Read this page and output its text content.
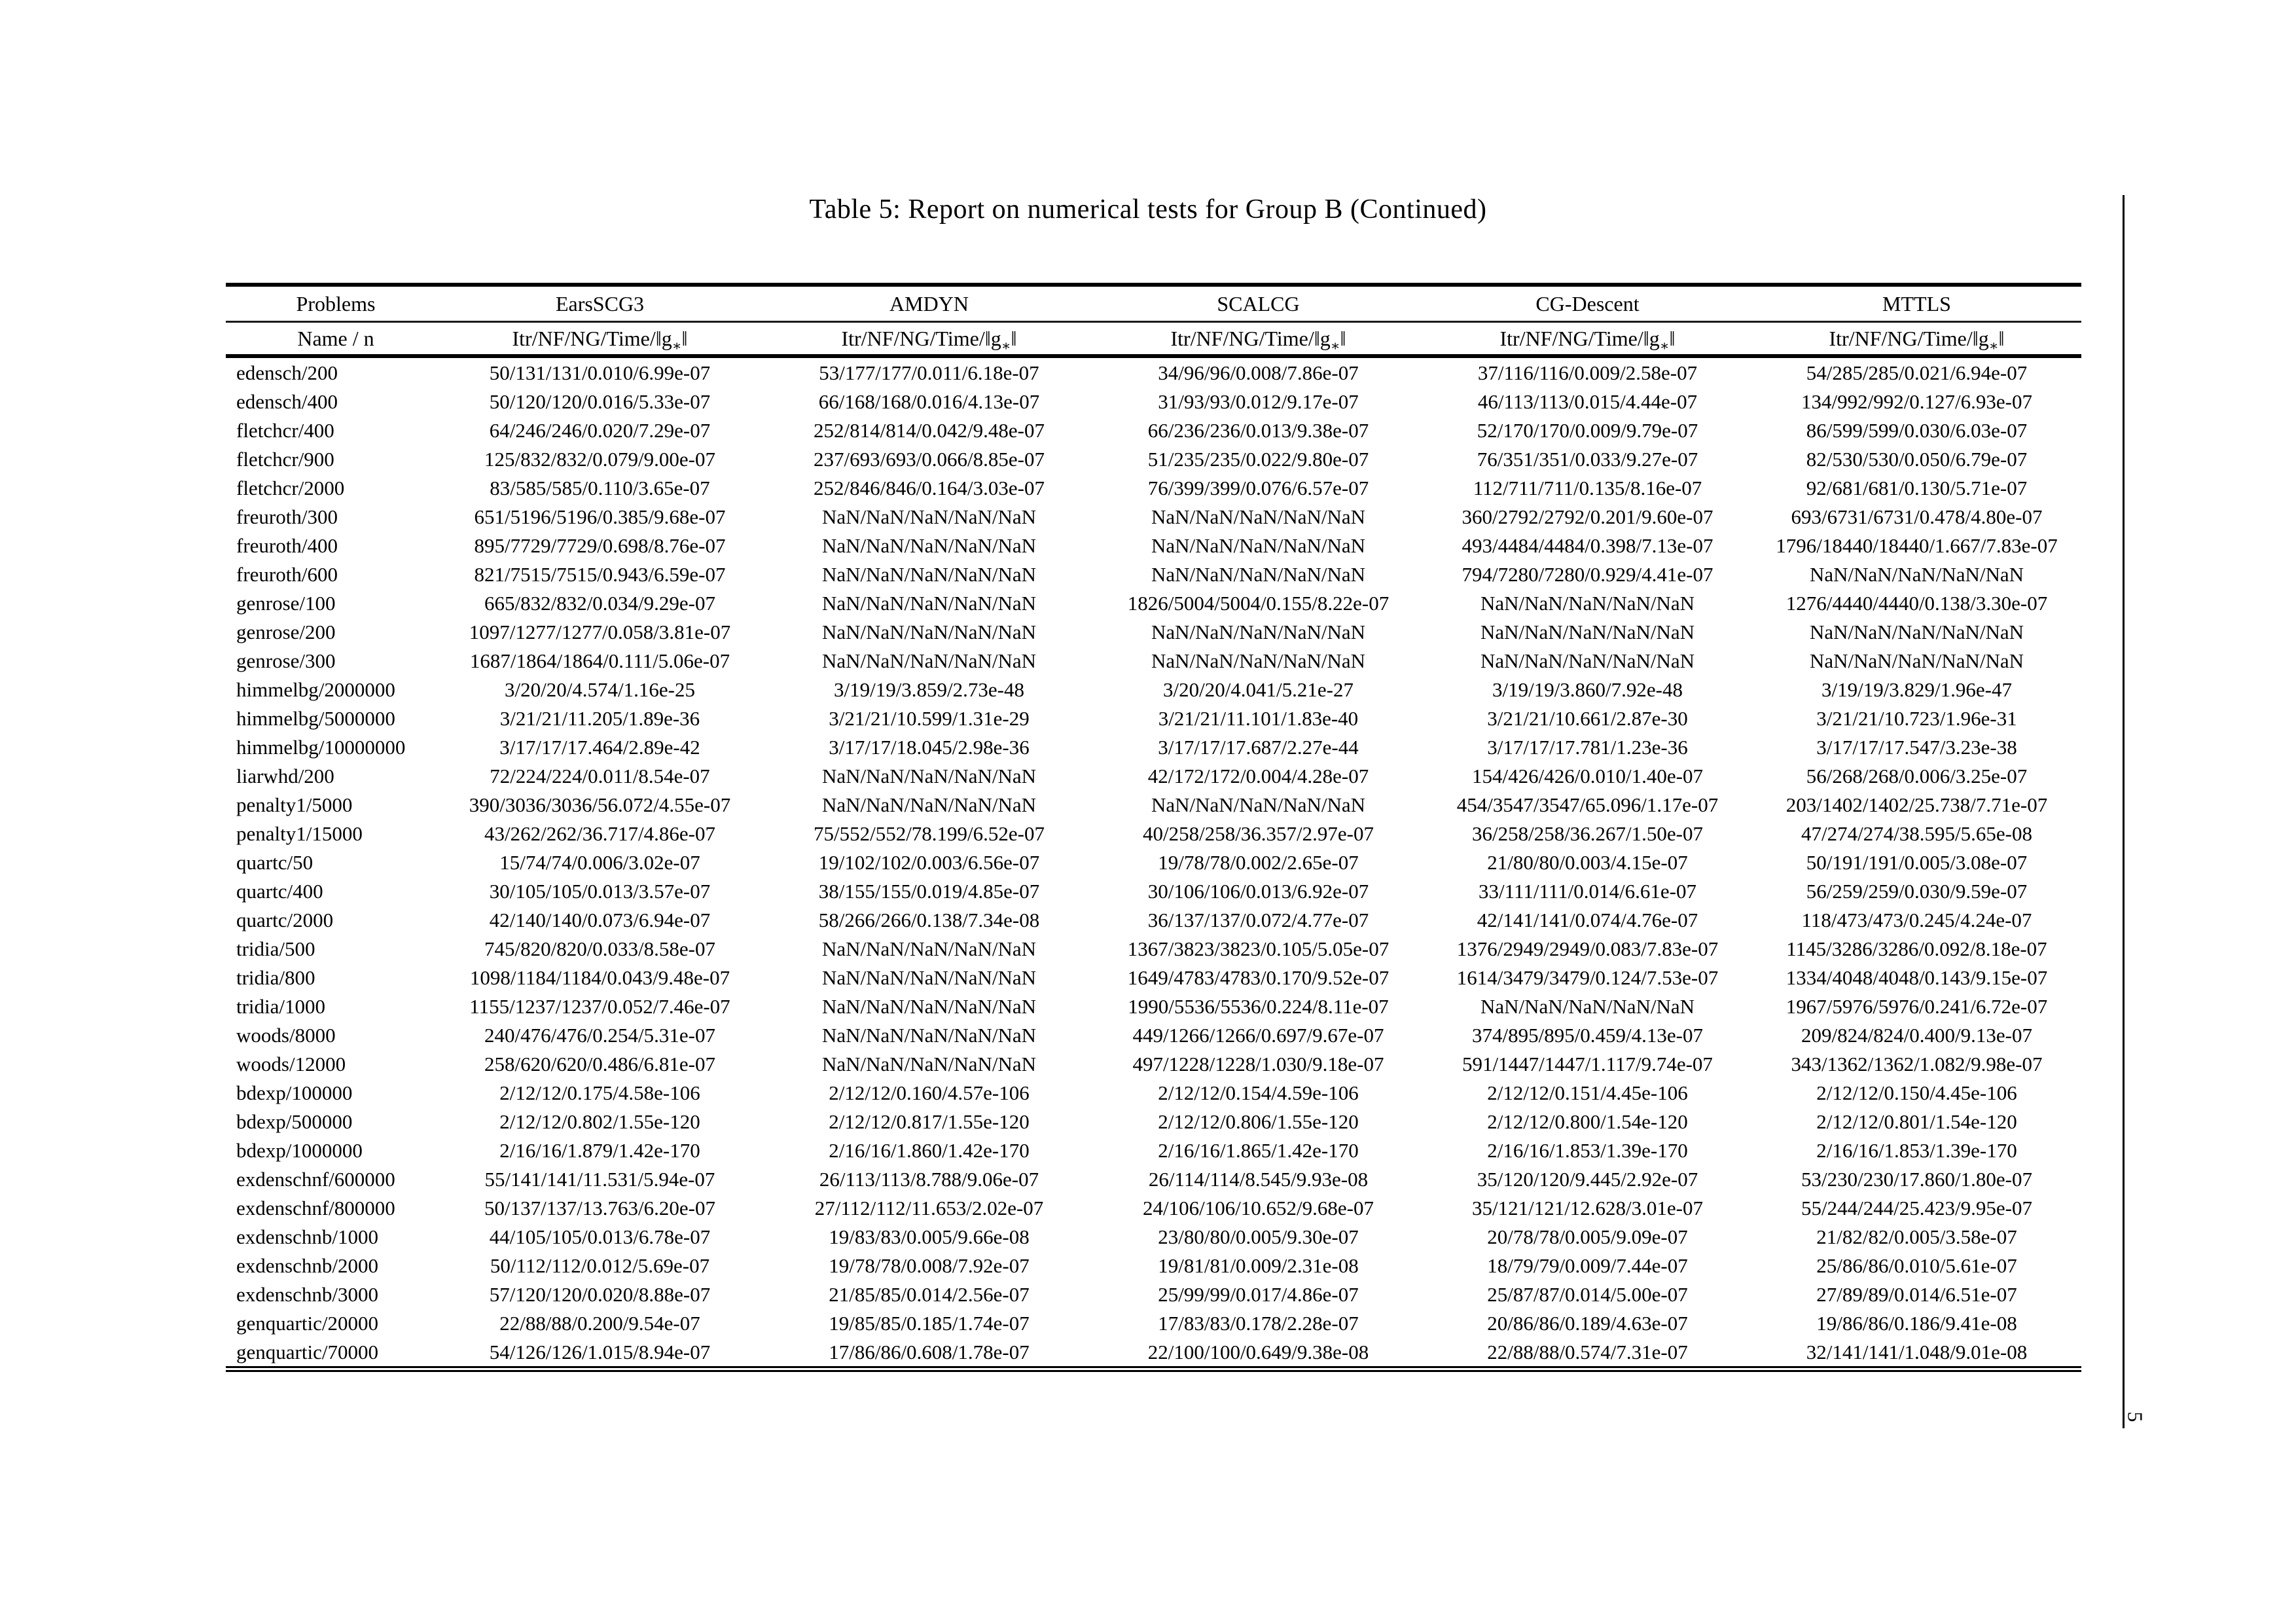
Table 5: Report on numerical tests for Group B (Continued)
Problems	EarsSCG3	AMDYN	SCALCG	CG-Descent	MTTLS
Name / n	Itr/$NF/NG/Time/‖g_∗‖$	Itr/$NF/NG/Time/‖g_∗‖$	Itr/$NF/NG/Time/‖g_∗‖$	Itr/$NF/NG/Time/‖g_∗‖$	Itr/$NF/NG/Time/‖g_∗‖$
edensch/200	50/131/131/0.010/6.99e-07	53/177/177/0.011/6.18e-07	34/96/96/0.008/7.86e-07	37/116/116/0.009/2.58e-07	54/285/285/0.021/6.94e-07
edensch/400	50/120/120/0.016/5.33e-07	66/168/168/0.016/4.13e-07	31/93/93/0.012/9.17e-07	46/113/113/0.015/4.44e-07	134/992/992/0.127/6.93e-07
fletchcr/400	64/246/246/0.020/7.29e-07	252/814/814/0.042/9.48e-07	66/236/236/0.013/9.38e-07	52/170/170/0.009/9.79e-07	86/599/599/0.030/6.03e-07
fletchcr/900	125/832/832/0.079/9.00e-07	237/693/693/0.066/8.85e-07	51/235/235/0.022/9.80e-07	76/351/351/0.033/9.27e-07	82/530/530/0.050/6.79e-07
fletchcr/2000	83/585/585/0.110/3.65e-07	252/846/846/0.164/3.03e-07	76/399/399/0.076/6.57e-07	112/711/711/0.135/8.16e-07	92/681/681/0.130/5.71e-07
freuroth/300	651/5196/5196/0.385/9.68e-07	NaN/NaN/NaN/NaN/NaN	NaN/NaN/NaN/NaN/NaN	360/2792/2792/0.201/9.60e-07	693/6731/6731/0.478/4.80e-07
freuroth/400	895/7729/7729/0.698/8.76e-07	NaN/NaN/NaN/NaN/NaN	NaN/NaN/NaN/NaN/NaN	493/4484/4484/0.398/7.13e-07	1796/18440/18440/1.667/7.83e-07
freuroth/600	821/7515/7515/0.943/6.59e-07	NaN/NaN/NaN/NaN/NaN	NaN/NaN/NaN/NaN/NaN	794/7280/7280/0.929/4.41e-07	NaN/NaN/NaN/NaN/NaN
genrose/100	665/832/832/0.034/9.29e-07	NaN/NaN/NaN/NaN/NaN	1826/5004/5004/0.155/8.22e-07	NaN/NaN/NaN/NaN/NaN	1276/4440/4440/0.138/3.30e-07
genrose/200	1097/1277/1277/0.058/3.81e-07	NaN/NaN/NaN/NaN/NaN	NaN/NaN/NaN/NaN/NaN	NaN/NaN/NaN/NaN/NaN	NaN/NaN/NaN/NaN/NaN
genrose/300	1687/1864/1864/0.111/5.06e-07	NaN/NaN/NaN/NaN/NaN	NaN/NaN/NaN/NaN/NaN	NaN/NaN/NaN/NaN/NaN	NaN/NaN/NaN/NaN/NaN
himmelbg/2000000	3/20/20/4.574/1.16e-25	3/19/19/3.859/2.73e-48	3/20/20/4.041/5.21e-27	3/19/19/3.860/7.92e-48	3/19/19/3.829/1.96e-47
himmelbg/5000000	3/21/21/11.205/1.89e-36	3/21/21/10.599/1.31e-29	3/21/21/11.101/1.83e-40	3/21/21/10.661/2.87e-30	3/21/21/10.723/1.96e-31
himmelbg/10000000	3/17/17/17.464/2.89e-42	3/17/17/18.045/2.98e-36	3/17/17/17.687/2.27e-44	3/17/17/17.781/1.23e-36	3/17/17/17.547/3.23e-38
liarwhd/200	72/224/224/0.011/8.54e-07	NaN/NaN/NaN/NaN/NaN	42/172/172/0.004/4.28e-07	154/426/426/0.010/1.40e-07	56/268/268/0.006/3.25e-07
penalty1/5000	390/3036/3036/56.072/4.55e-07	NaN/NaN/NaN/NaN/NaN	NaN/NaN/NaN/NaN/NaN	454/3547/3547/65.096/1.17e-07	203/1402/1402/25.738/7.71e-07
penalty1/15000	43/262/262/36.717/4.86e-07	75/552/552/78.199/6.52e-07	40/258/258/36.357/2.97e-07	36/258/258/36.267/1.50e-07	47/274/274/38.595/5.65e-08
quartc/50	15/74/74/0.006/3.02e-07	19/102/102/0.003/6.56e-07	19/78/78/0.002/2.65e-07	21/80/80/0.003/4.15e-07	50/191/191/0.005/3.08e-07
quartc/400	30/105/105/0.013/3.57e-07	38/155/155/0.019/4.85e-07	30/106/106/0.013/6.92e-07	33/111/111/0.014/6.61e-07	56/259/259/0.030/9.59e-07
quartc/2000	42/140/140/0.073/6.94e-07	58/266/266/0.138/7.34e-08	36/137/137/0.072/4.77e-07	42/141/141/0.074/4.76e-07	118/473/473/0.245/4.24e-07
tridia/500	745/820/820/0.033/8.58e-07	NaN/NaN/NaN/NaN/NaN	1367/3823/3823/0.105/5.05e-07	1376/2949/2949/0.083/7.83e-07	1145/3286/3286/0.092/8.18e-07
tridia/800	1098/1184/1184/0.043/9.48e-07	NaN/NaN/NaN/NaN/NaN	1649/4783/4783/0.170/9.52e-07	1614/3479/3479/0.124/7.53e-07	1334/4048/4048/0.143/9.15e-07
tridia/1000	1155/1237/1237/0.052/7.46e-07	NaN/NaN/NaN/NaN/NaN	1990/5536/5536/0.224/8.11e-07	NaN/NaN/NaN/NaN/NaN	1967/5976/5976/0.241/6.72e-07
woods/8000	240/476/476/0.254/5.31e-07	NaN/NaN/NaN/NaN/NaN	449/1266/1266/0.697/9.67e-07	374/895/895/0.459/4.13e-07	209/824/824/0.400/9.13e-07
woods/12000	258/620/620/0.486/6.81e-07	NaN/NaN/NaN/NaN/NaN	497/1228/1228/1.030/9.18e-07	591/1447/1447/1.117/9.74e-07	343/1362/1362/1.082/9.98e-07
bdexp/100000	2/12/12/0.175/4.58e-106	2/12/12/0.160/4.57e-106	2/12/12/0.154/4.59e-106	2/12/12/0.151/4.45e-106	2/12/12/0.150/4.45e-106
bdexp/500000	2/12/12/0.802/1.55e-120	2/12/12/0.817/1.55e-120	2/12/12/0.806/1.55e-120	2/12/12/0.800/1.54e-120	2/12/12/0.801/1.54e-120
bdexp/1000000	2/16/16/1.879/1.42e-170	2/16/16/1.860/1.42e-170	2/16/16/1.865/1.42e-170	2/16/16/1.853/1.39e-170	2/16/16/1.853/1.39e-170
exdenschnf/600000	55/141/141/11.531/5.94e-07	26/113/113/8.788/9.06e-07	26/114/114/8.545/9.93e-08	35/120/120/9.445/2.92e-07	53/230/230/17.860/1.80e-07
exdenschnf/800000	50/137/137/13.763/6.20e-07	27/112/112/11.653/2.02e-07	24/106/106/10.652/9.68e-07	35/121/121/12.628/3.01e-07	55/244/244/25.423/9.95e-07
exdenschnb/1000	44/105/105/0.013/6.78e-07	19/83/83/0.005/9.66e-08	23/80/80/0.005/9.30e-07	20/78/78/0.005/9.09e-07	21/82/82/0.005/3.58e-07
exdenschnb/2000	50/112/112/0.012/5.69e-07	19/78/78/0.008/7.92e-07	19/81/81/0.009/2.31e-08	18/79/79/0.009/7.44e-07	25/86/86/0.010/5.61e-07
exdenschnb/3000	57/120/120/0.020/8.88e-07	21/85/85/0.014/2.56e-07	25/99/99/0.017/4.86e-07	25/87/87/0.014/5.00e-07	27/89/89/0.014/6.51e-07
genquartic/20000	22/88/88/0.200/9.54e-07	19/85/85/0.185/1.74e-07	17/83/83/0.178/2.28e-07	20/86/86/0.189/4.63e-07	19/86/86/0.186/9.41e-08
genquartic/70000	54/126/126/1.015/8.94e-07	17/86/86/0.608/1.78e-07	22/100/100/0.649/9.38e-08	22/88/88/0.574/7.31e-07	32/141/141/1.048/9.01e-08
5
